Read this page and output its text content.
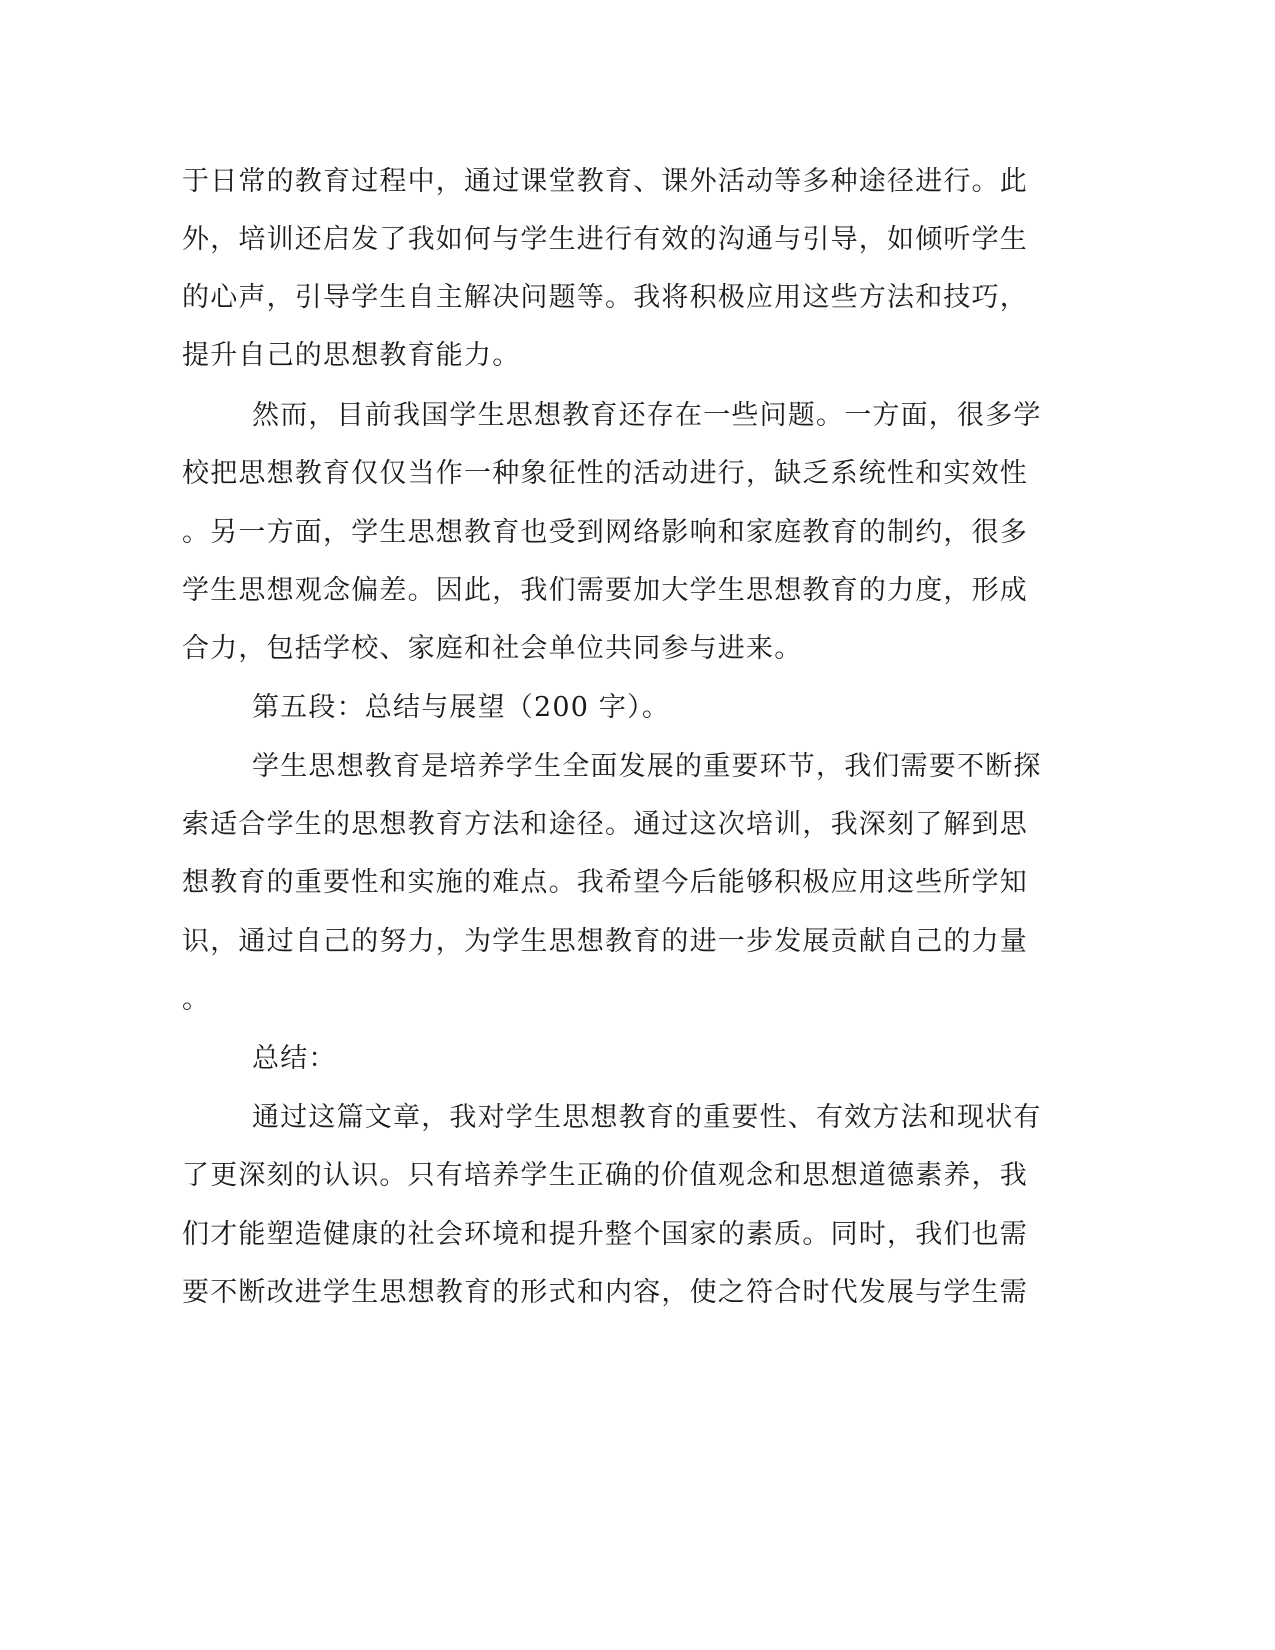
于日常的教育过程中，通过课堂教育、课外活动等多种途径进行。此
外，培训还启发了我如何与学生进行有效的沟通与引导，如倾听学生
的心声，引导学生自主解决问题等。我将积极应用这些方法和技巧，
提升自己的思想教育能力。
然而，目前我国学生思想教育还存在一些问题。一方面，很多学
校把思想教育仅仅当作一种象征性的活动进行，缺乏系统性和实效性
。另一方面，学生思想教育也受到网络影响和家庭教育的制约，很多
学生思想观念偏差。因此，我们需要加大学生思想教育的力度，形成
合力，包括学校、家庭和社会单位共同参与进来。
第五段：总结与展望（200 字）。
学生思想教育是培养学生全面发展的重要环节，我们需要不断探
索适合学生的思想教育方法和途径。通过这次培训，我深刻了解到思
想教育的重要性和实施的难点。我希望今后能够积极应用这些所学知
识，通过自己的努力，为学生思想教育的进一步发展贡献自己的力量
。
总结：
通过这篇文章，我对学生思想教育的重要性、有效方法和现状有
了更深刻的认识。只有培养学生正确的价值观念和思想道德素养，我
们才能塑造健康的社会环境和提升整个国家的素质。同时，我们也需
要不断改进学生思想教育的形式和内容，使之符合时代发展与学生需
